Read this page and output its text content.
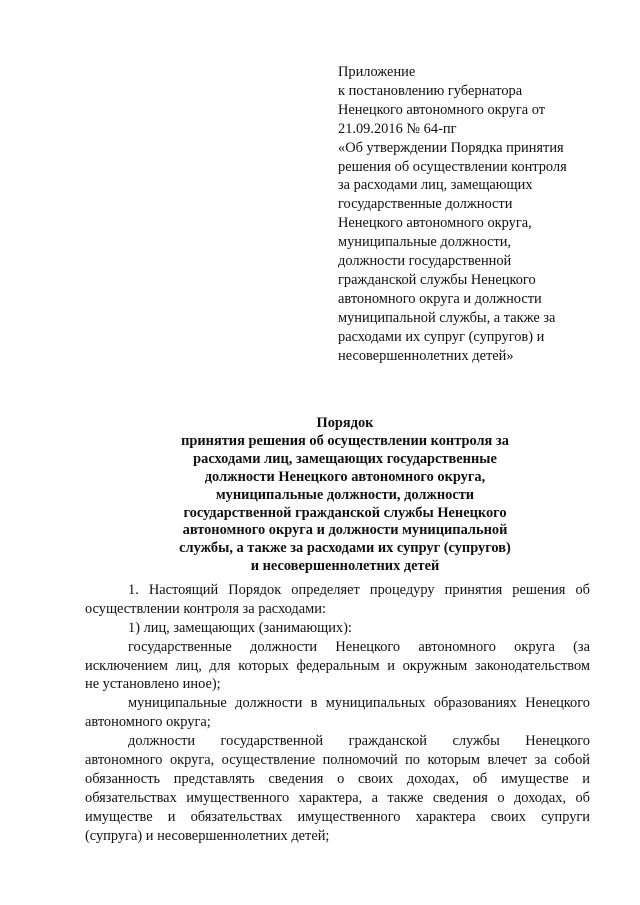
Приложение
к постановлению губернатора
Ненецкого автономного округа от
21.09.2016 № 64-пг
«Об утверждении Порядка принятия
решения об осуществлении контроля
за расходами лиц, замещающих
государственные должности
Ненецкого автономного округа,
муниципальные должности,
должности государственной
гражданской службы Ненецкого
автономного округа и должности
муниципальной службы, а также за
расходами их супруг (супругов) и
несовершеннолетних детей»
Порядок
принятия решения об осуществлении контроля за
расходами лиц, замещающих государственные
должности Ненецкого автономного округа,
муниципальные должности, должности
государственной гражданской службы Ненецкого
автономного округа и должности муниципальной
службы, а также за расходами их супруг (супругов)
и несовершеннолетних детей
1. Настоящий Порядок определяет процедуру принятия решения об
осуществлении контроля за расходами:
1) лиц, замещающих (занимающих):
государственные должности Ненецкого автономного округа (за
исключением лиц, для которых федеральным и окружным законодательством
не установлено иное);
муниципальные должности в муниципальных образованиях Ненецкого
автономного округа;
должности государственной гражданской службы Ненецкого
автономного округа, осуществление полномочий по которым влечет за собой
обязанность представлять сведения о своих доходах, об имуществе и
обязательствах имущественного характера, а также сведения о доходах, об
имуществе и обязательствах имущественного характера своих супруги
(супруга) и несовершеннолетних детей;
